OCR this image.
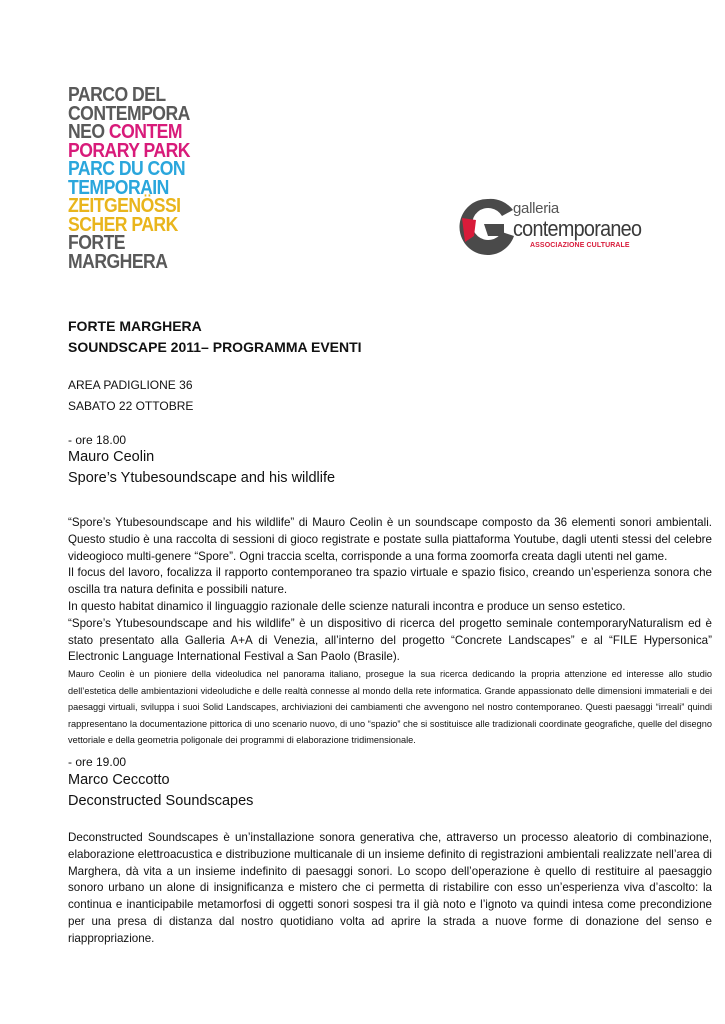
PARCO DEL
CONTEMPORA
NEO CONTEM
PORARY PARK
PARC DU CON
TEMPORAIN
ZEITGENÖSSI
SCHER PARK
FORTE
MARGHERA
galleria
contemporaneo
ASSOCIAZIONE CULTURALE
FORTE MARGHERA
SOUNDSCAPE 2011– PROGRAMMA EVENTI
AREA PADIGLIONE 36
SABATO 22 OTTOBRE
- ore 18.00
Mauro Ceolin
Spore’s Ytubesoundscape and his wildlife

“Spore’s Ytubesoundscape and his wildlife” di Mauro Ceolin è un soundscape composto da 36 elementi sonori ambientali. Questo studio è una raccolta di sessioni di gioco registrate e postate sulla piattaforma Youtube, dagli utenti stessi del celebre videogioco multi-genere “Spore”. Ogni traccia scelta, corrisponde a una forma zoomorfa creata dagli utenti nel game.

Il focus del lavoro, focalizza il rapporto contemporaneo tra spazio virtuale e spazio fisico, creando un’esperienza sonora che oscilla tra natura definita e possibili nature.

In questo habitat dinamico il linguaggio razionale delle scienze naturali incontra e produce un senso estetico.

“Spore’s Ytubesoundscape and his wildlife” è un dispositivo di ricerca del progetto seminale contemporaryNaturalism ed è stato presentato alla Galleria A+A di Venezia, all’interno del progetto “Concrete Landscapes” e al “FILE Hypersonica” Electronic Language International Festival a San Paolo (Brasile).

Mauro Ceolin è un pioniere della videoludica nel panorama italiano, prosegue la sua ricerca dedicando la propria attenzione ed interesse allo studio dell’estetica delle ambientazioni videoludiche e delle realtà connesse al mondo della rete informatica. Grande appassionato delle dimensioni immateriali e dei paesaggi virtuali, sviluppa i suoi Solid Landscapes, archiviazioni dei cambiamenti che avvengono nel nostro contemporaneo. Questi paesaggi “irreali” quindi rappresentano la documentazione pittorica di uno scenario nuovo, di uno “spazio” che si sostituisce alle tradizionali coordinate geografiche, quelle del disegno vettoriale e della geometria poligonale dei programmi di elaborazione tridimensionale.
- ore 19.00
Marco Ceccotto
Deconstructed Soundscapes
Deconstructed Soundscapes è un’installazione sonora generativa che, attraverso un processo aleatorio di combinazione, elaborazione elettroacustica e distribuzione multicanale di un insieme definito di registrazioni ambientali realizzate nell’area di Marghera, dà vita a un insieme indefinito di paesaggi sonori. Lo scopo dell’operazione è quello di restituire al paesaggio sonoro urbano un alone di insignificanza e mistero che ci permetta di ristabilire con esso un’esperienza viva d’ascolto: la continua e inanticipabile metamorfosi di oggetti sonori sospesi tra il già noto e l’ignoto va quindi intesa come precondizione per una presa di distanza dal nostro quotidiano volta ad aprire la strada a nuove forme di donazione del senso e riappropriazione.
